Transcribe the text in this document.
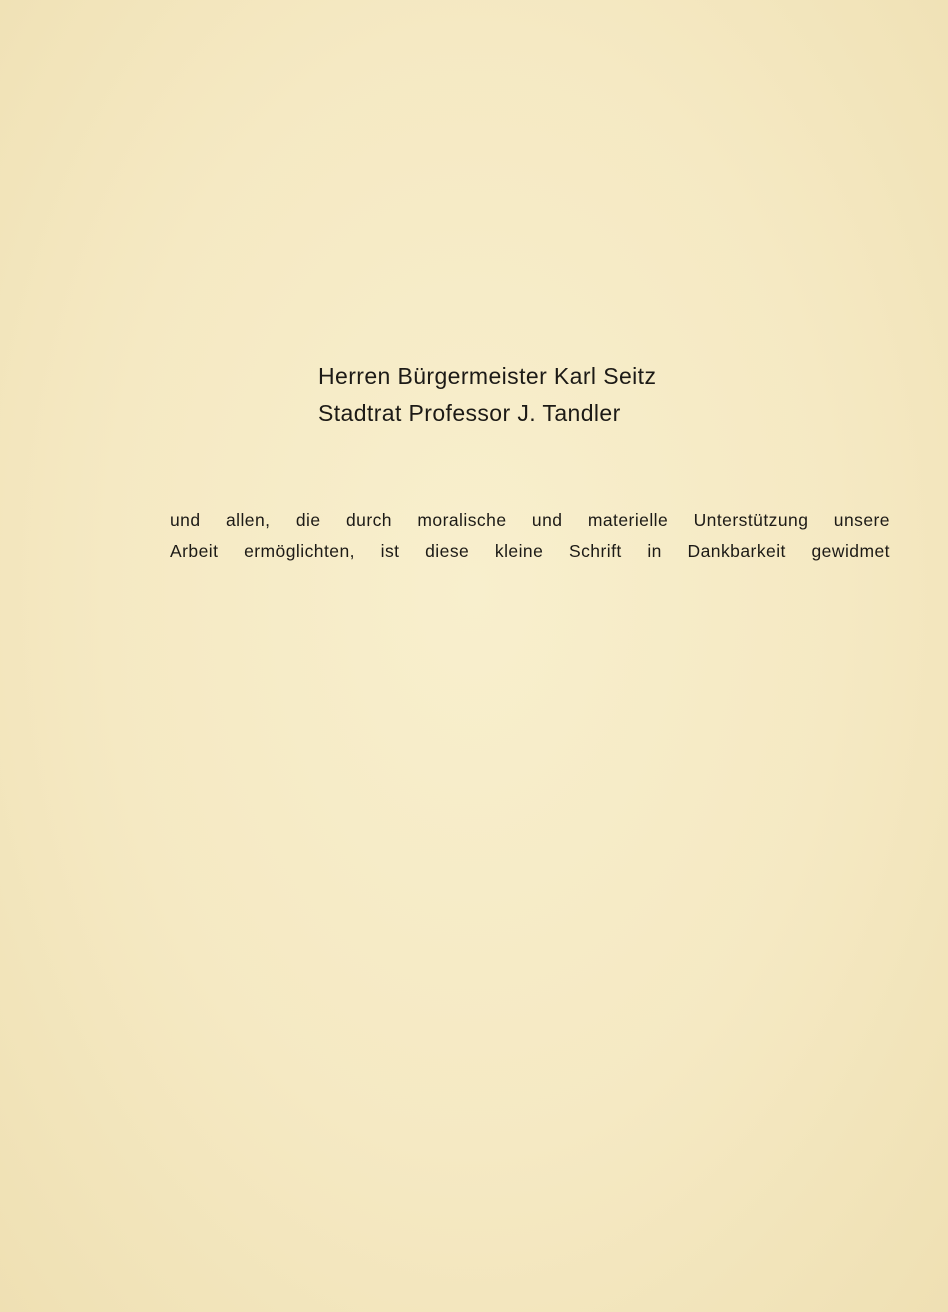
Herren Bürgermeister Karl Seitz
Stadtrat Professor J. Tandler
und allen, die durch moralische und materielle Unterstützung unsere
Arbeit ermöglichten, ist diese kleine Schrift in Dankbarkeit gewidmet
